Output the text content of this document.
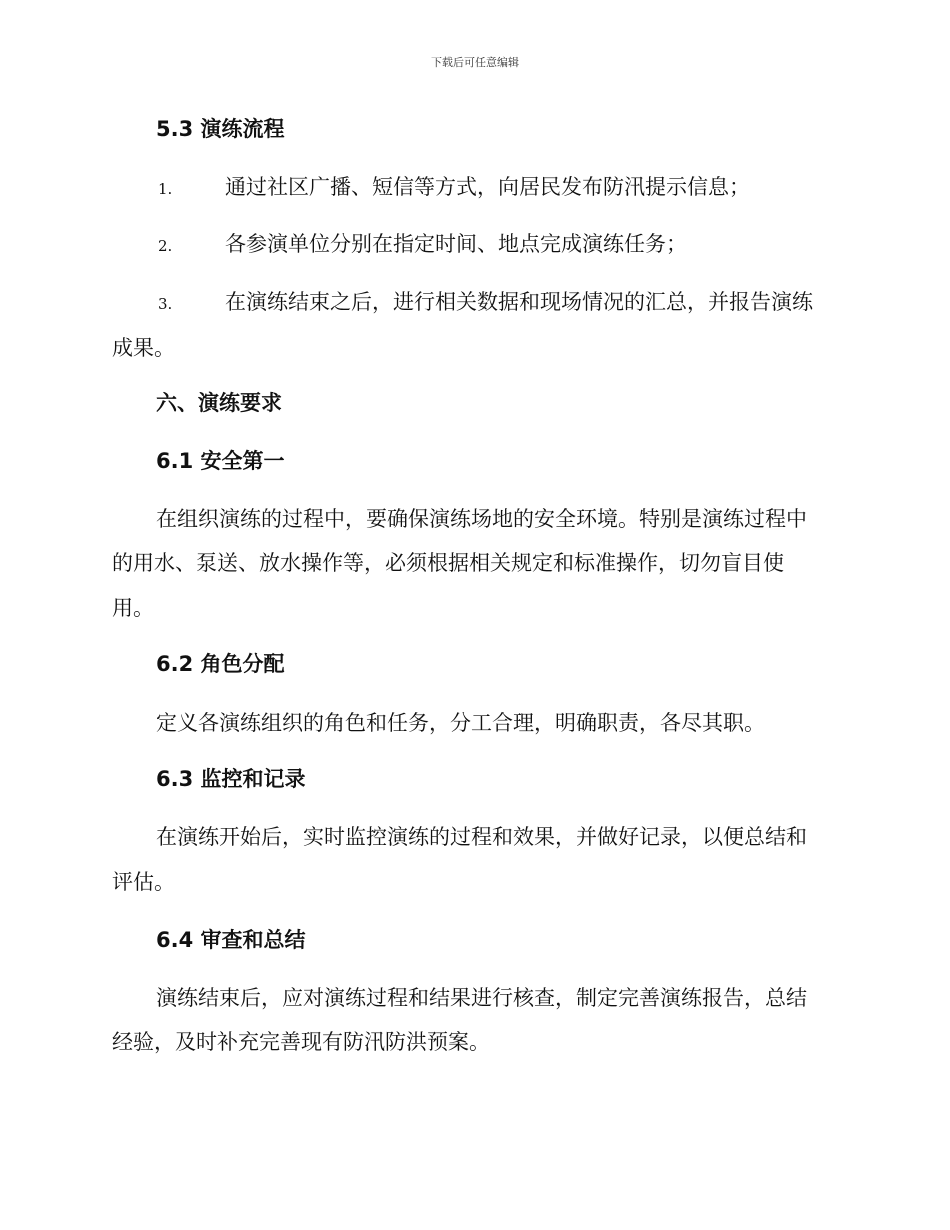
下载后可任意编辑
5.3 演练流程
1.	通过社区广播、短信等方式，向居民发布防汛提示信息；
2.	各参演单位分别在指定时间、地点完成演练任务；
3.	在演练结束之后，进行相关数据和现场情况的汇总，并报告演练
成果。
六、演练要求
6.1 安全第一
在组织演练的过程中，要确保演练场地的安全环境。特别是演练过程中
的用水、泵送、放水操作等，必须根据相关规定和标准操作，切勿盲目使
用。
6.2 角色分配
定义各演练组织的角色和任务，分工合理，明确职责，各尽其职。
6.3 监控和记录
在演练开始后，实时监控演练的过程和效果，并做好记录，以便总结和
评估。
6.4 审查和总结
演练结束后，应对演练过程和结果进行核查，制定完善演练报告，总结
经验，及时补充完善现有防汛防洪预案。
